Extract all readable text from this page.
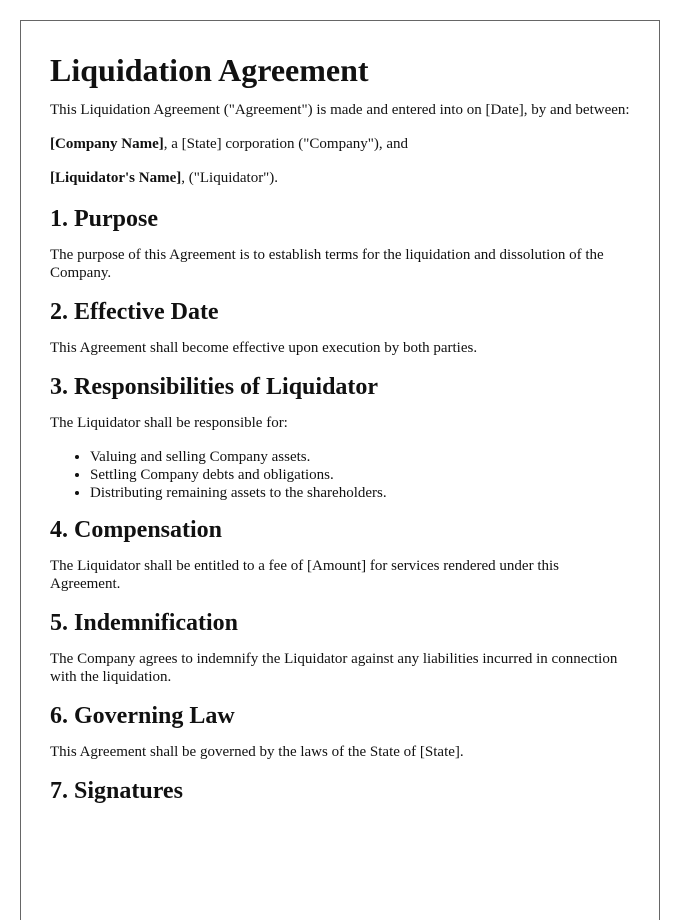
Liquidation Agreement

This Liquidation Agreement ("Agreement") is made and entered into on [Date], by and between:

[Company Name], a [State] corporation ("Company"), and

[Liquidator's Name], ("Liquidator").

1. Purpose

The purpose of this Agreement is to establish terms for the liquidation and dissolution of the Company.

2. Effective Date

This Agreement shall become effective upon execution by both parties.

3. Responsibilities of Liquidator

The Liquidator shall be responsible for:

• Valuing and selling Company assets.
• Settling Company debts and obligations.
• Distributing remaining assets to the shareholders.
4. Compensation

The Liquidator shall be entitled to a fee of [Amount] for services rendered under this Agreement.

5. Indemnification

The Company agrees to indemnify the Liquidator against any liabilities incurred in connection with the liquidation.

6. Governing Law

This Agreement shall be governed by the laws of the State of [State].

7. Signatures
